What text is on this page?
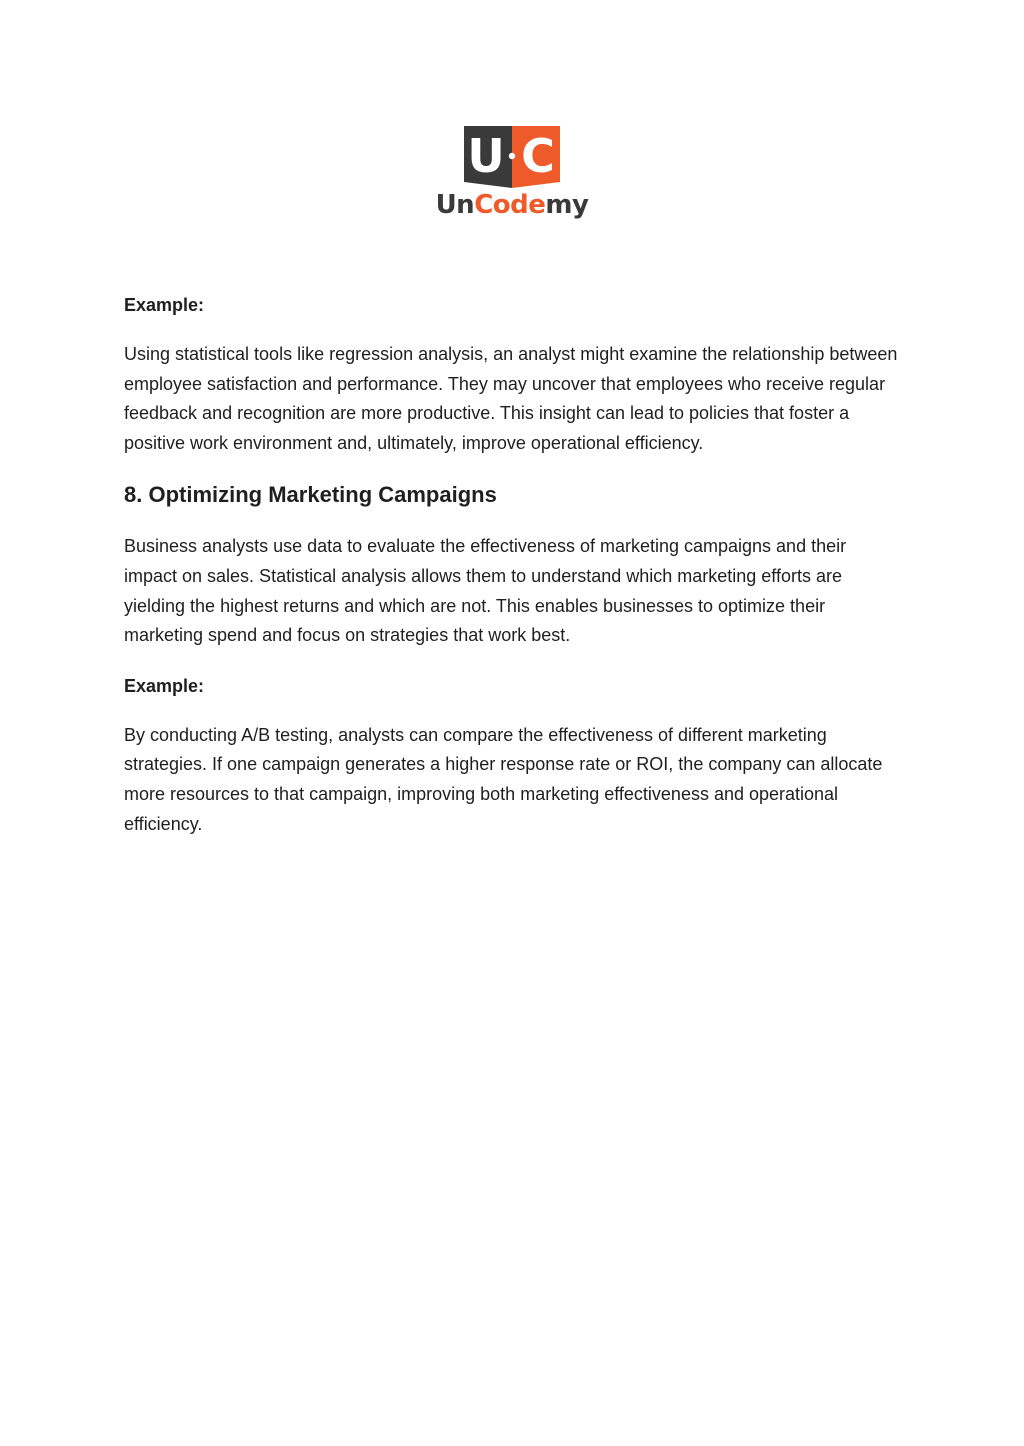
U C
UnCodemy

Example:

Using statistical tools like regression analysis, an analyst might examine the relationship between employee satisfaction and performance. They may uncover that employees who receive regular feedback and recognition are more productive. This insight can lead to policies that foster a positive work environment and, ultimately, improve operational efficiency.

8. Optimizing Marketing Campaigns

Business analysts use data to evaluate the effectiveness of marketing campaigns and their impact on sales. Statistical analysis allows them to understand which marketing efforts are yielding the highest returns and which are not. This enables businesses to optimize their marketing spend and focus on strategies that work best.

Example:

By conducting A/B testing, analysts can compare the effectiveness of different marketing strategies. If one campaign generates a higher response rate or ROI, the company can allocate more resources to that campaign, improving both marketing effectiveness and operational efficiency.
